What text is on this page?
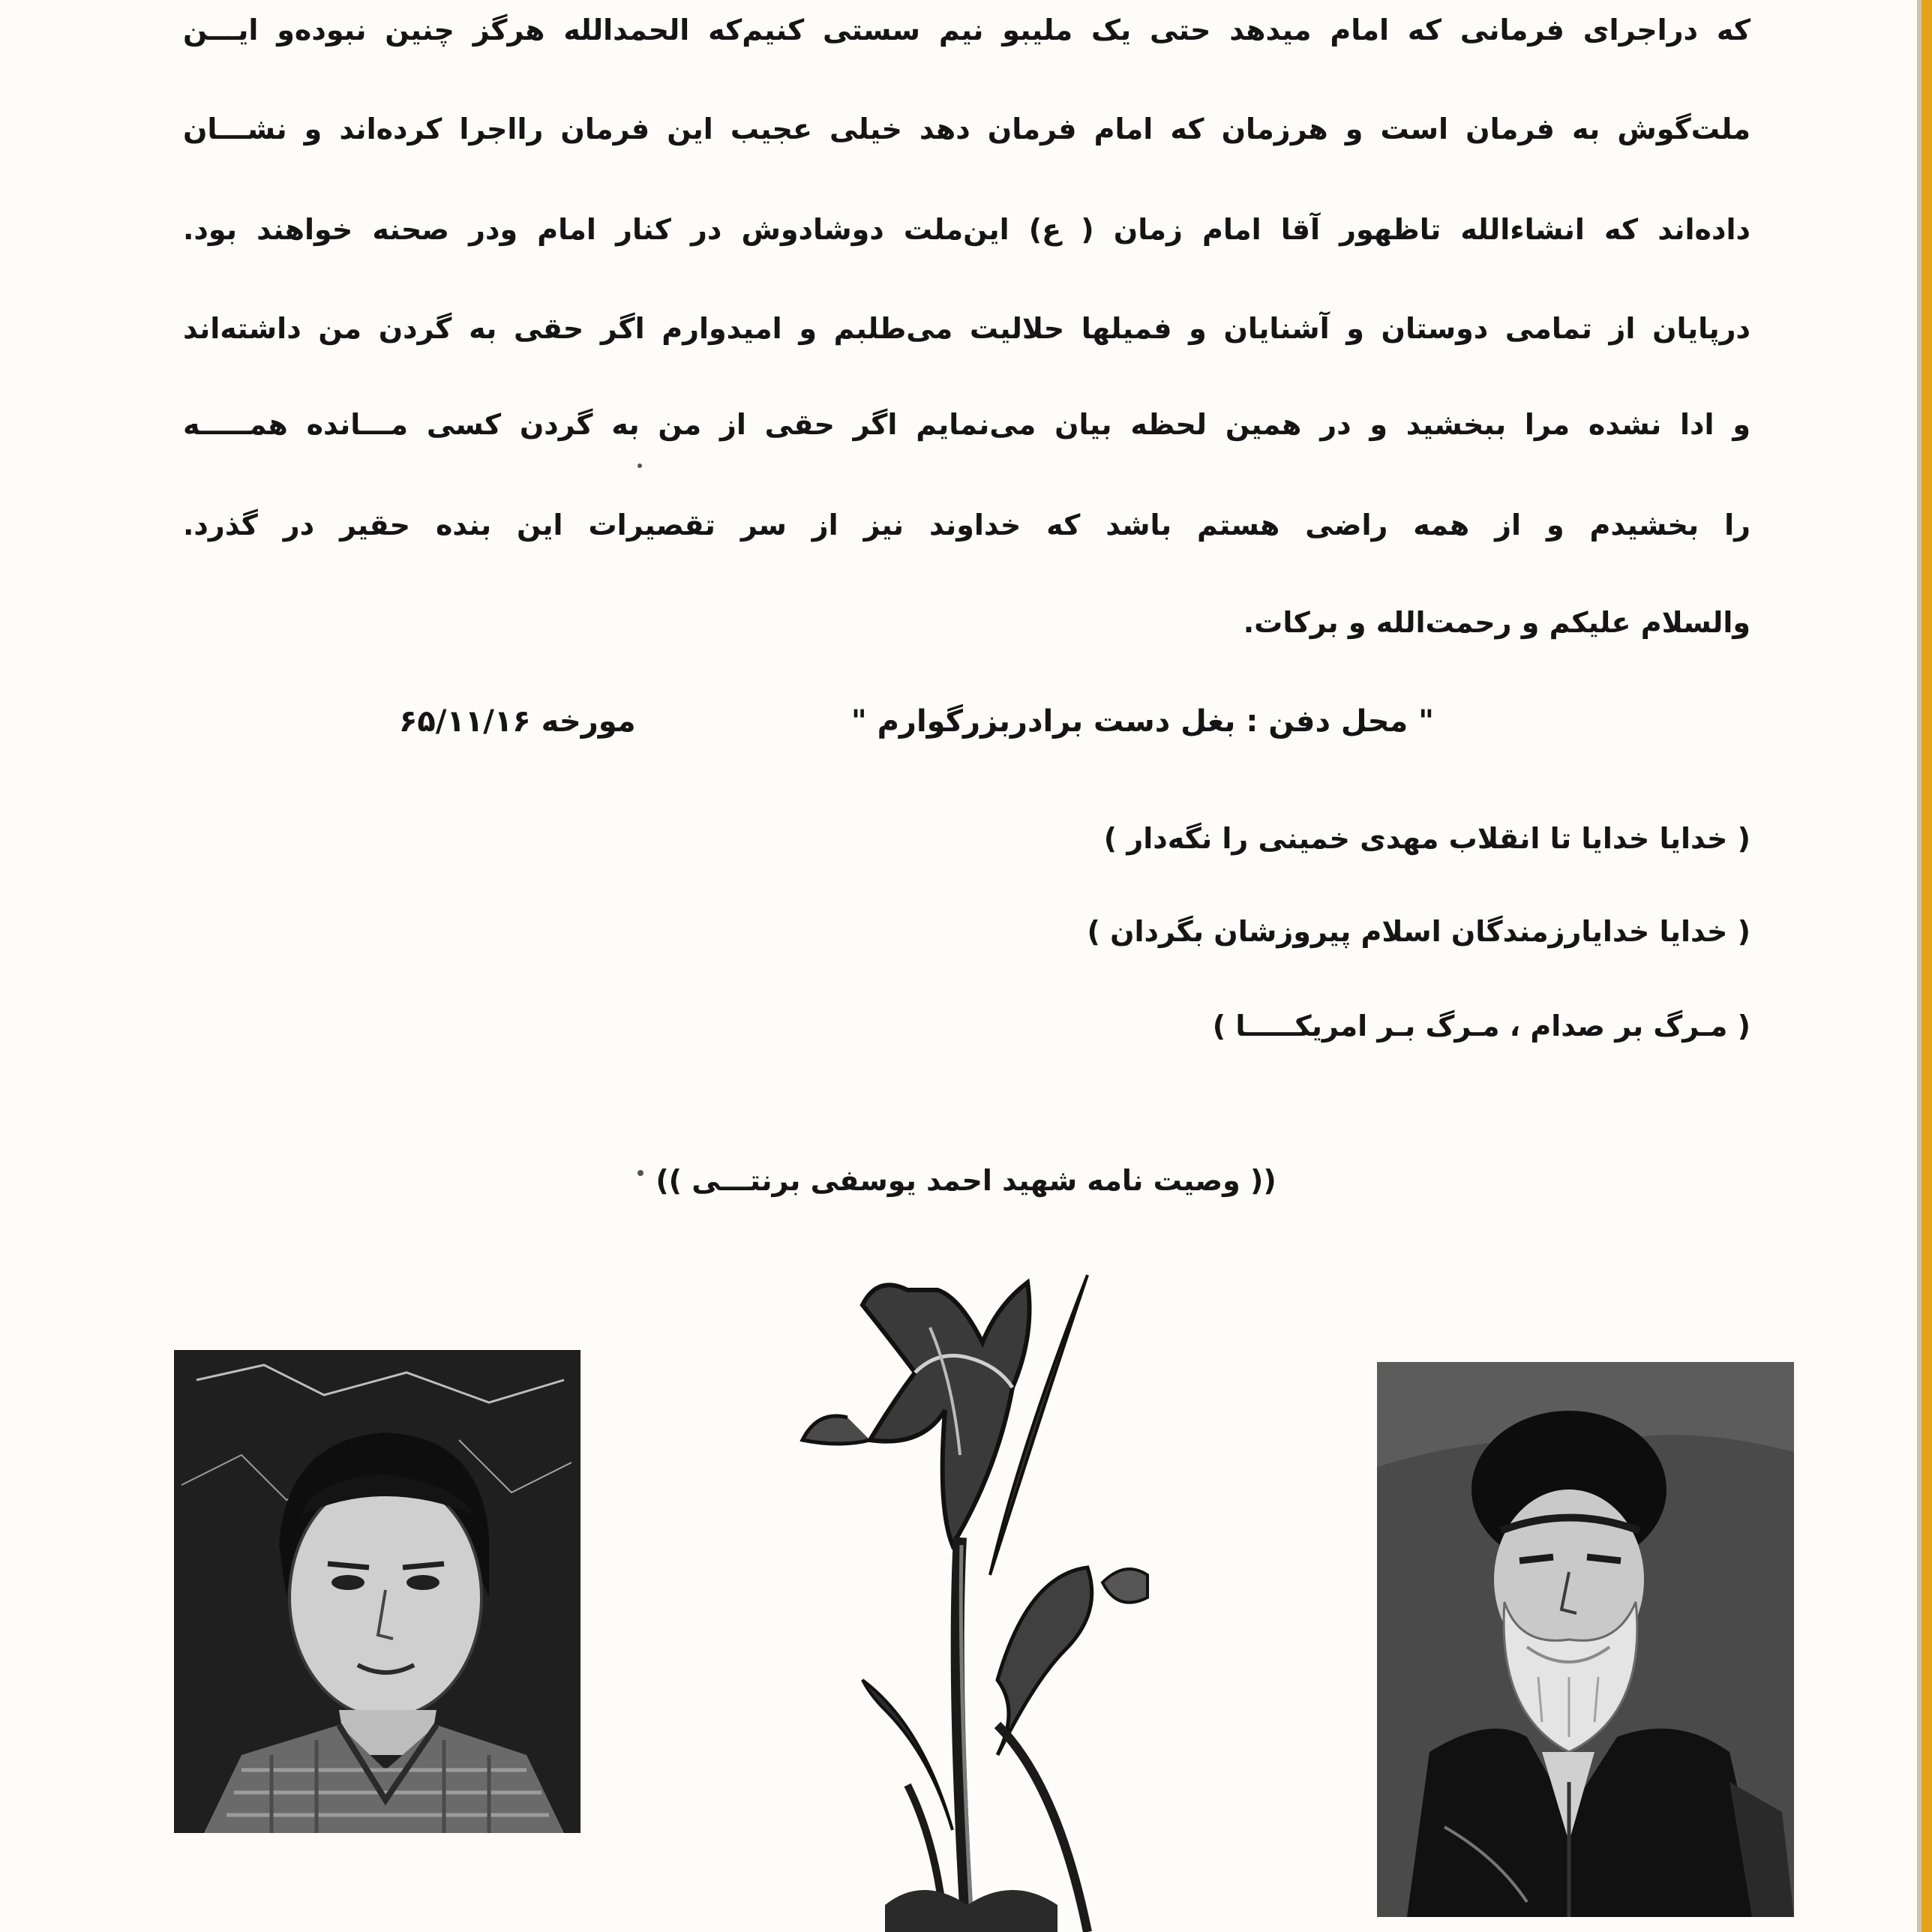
که دراجرای فرمانی که امام میدهد حتی یک ملیبو نیم سستی کنیم‌که الحمدالله هرگز چنین نبوده‌و ایـــن
ملت‌گوش به فرمان است و هرزمان که امام فرمان دهد خیلی عجیب این فرمان رااجرا کرده‌اند و نشـــان
داده‌اند که انشاءالله تاظهور آقا امام زمان ( ع) این‌ملت دوشادوش در کنار امام ودر صحنه خواهند بود.
درپایان از تمامی دوستان و آشنایان و فمیلها حلالیت می‌طلبم و امیدوارم اگر حقی به گردن من داشته‌اند
و ادا نشده مرا ببخشید و در همین لحظه بیان می‌نمایم اگر حقی از من به گردن کسی مـــانده همـــــه
را بخشیدم و از همه راضی هستم باشد که خداوند نیز از سر تقصیرات این بنده حقیر در گذرد.
والسلام علیکم و رحمت‌الله و برکات.
" محل دفن : بغل دست برادربزرگوارم "
مورخه ۶۵/۱۱/۱۶
( خدایا خدایا تا انقلاب مهدی خمینی را نگه‌دار )
( خدایا خدایارزمندگان اسلام پیروزشان بگردان )
( مـرگ بر صدام ، مـرگ بـر امریکـــــا )
(( وصیت نامه شهید احمد یوسفی برنتـــی ))
